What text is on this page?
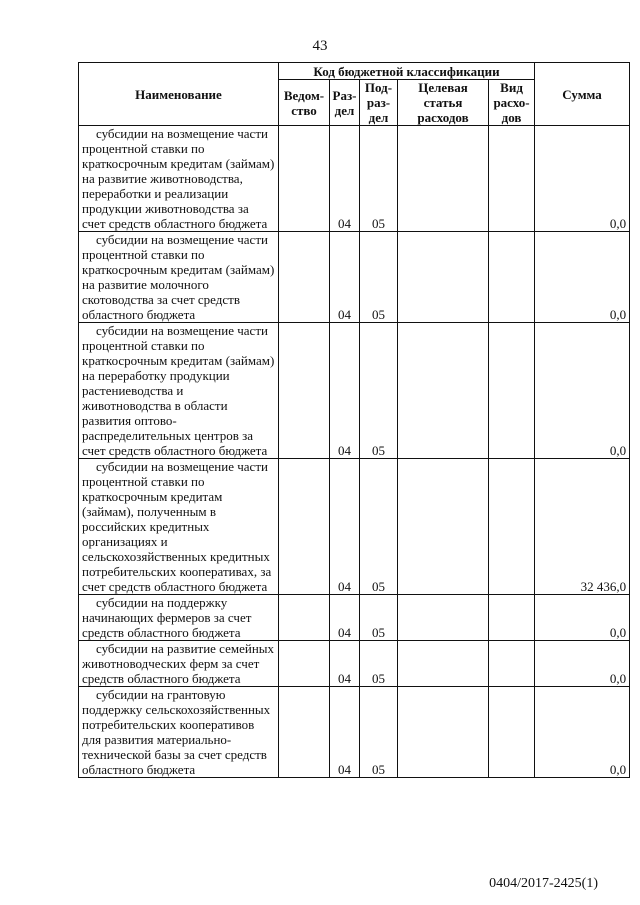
43
Наименование	Код бюджетной классификации					Сумма
	Ведом-ство	Раз-дел	Под-раз-дел	Целевая статья расходов	Вид расхо-дов	

субсидии на возмещение части процентной ставки по краткосрочным кредитам (займам) на развитие животноводства, переработки и реализации продукции животноводства за счет средств областного бюджета		04	05			0,0

субсидии на возмещение части процентной ставки по краткосрочным кредитам (займам) на развитие молочного скотоводства за счет средств областного бюджета		04	05			0,0

субсидии на возмещение части процентной ставки по краткосрочным кредитам (займам) на переработку продукции растениеводства и животноводства в области развития оптово-распределительных центров за счет средств областного бюджета		04	05			0,0

субсидии на возмещение части процентной ставки по краткосрочным кредитам (займам), полученным в российских кредитных организациях и сельскохозяйственных кредитных потребительских кооперативах, за счет средств областного бюджета		04	05			32 436,0

субсидии на поддержку начинающих фермеров за счет средств областного бюджета		04	05			0,0

субсидии на развитие семейных животноводческих ферм за счет средств областного бюджета		04	05			0,0

субсидии на грантовую поддержку сельскохозяйственных потребительских кооперативов для развития материально-технической базы за счет средств областного бюджета		04	05			0,0
0404/2017-2425(1)
